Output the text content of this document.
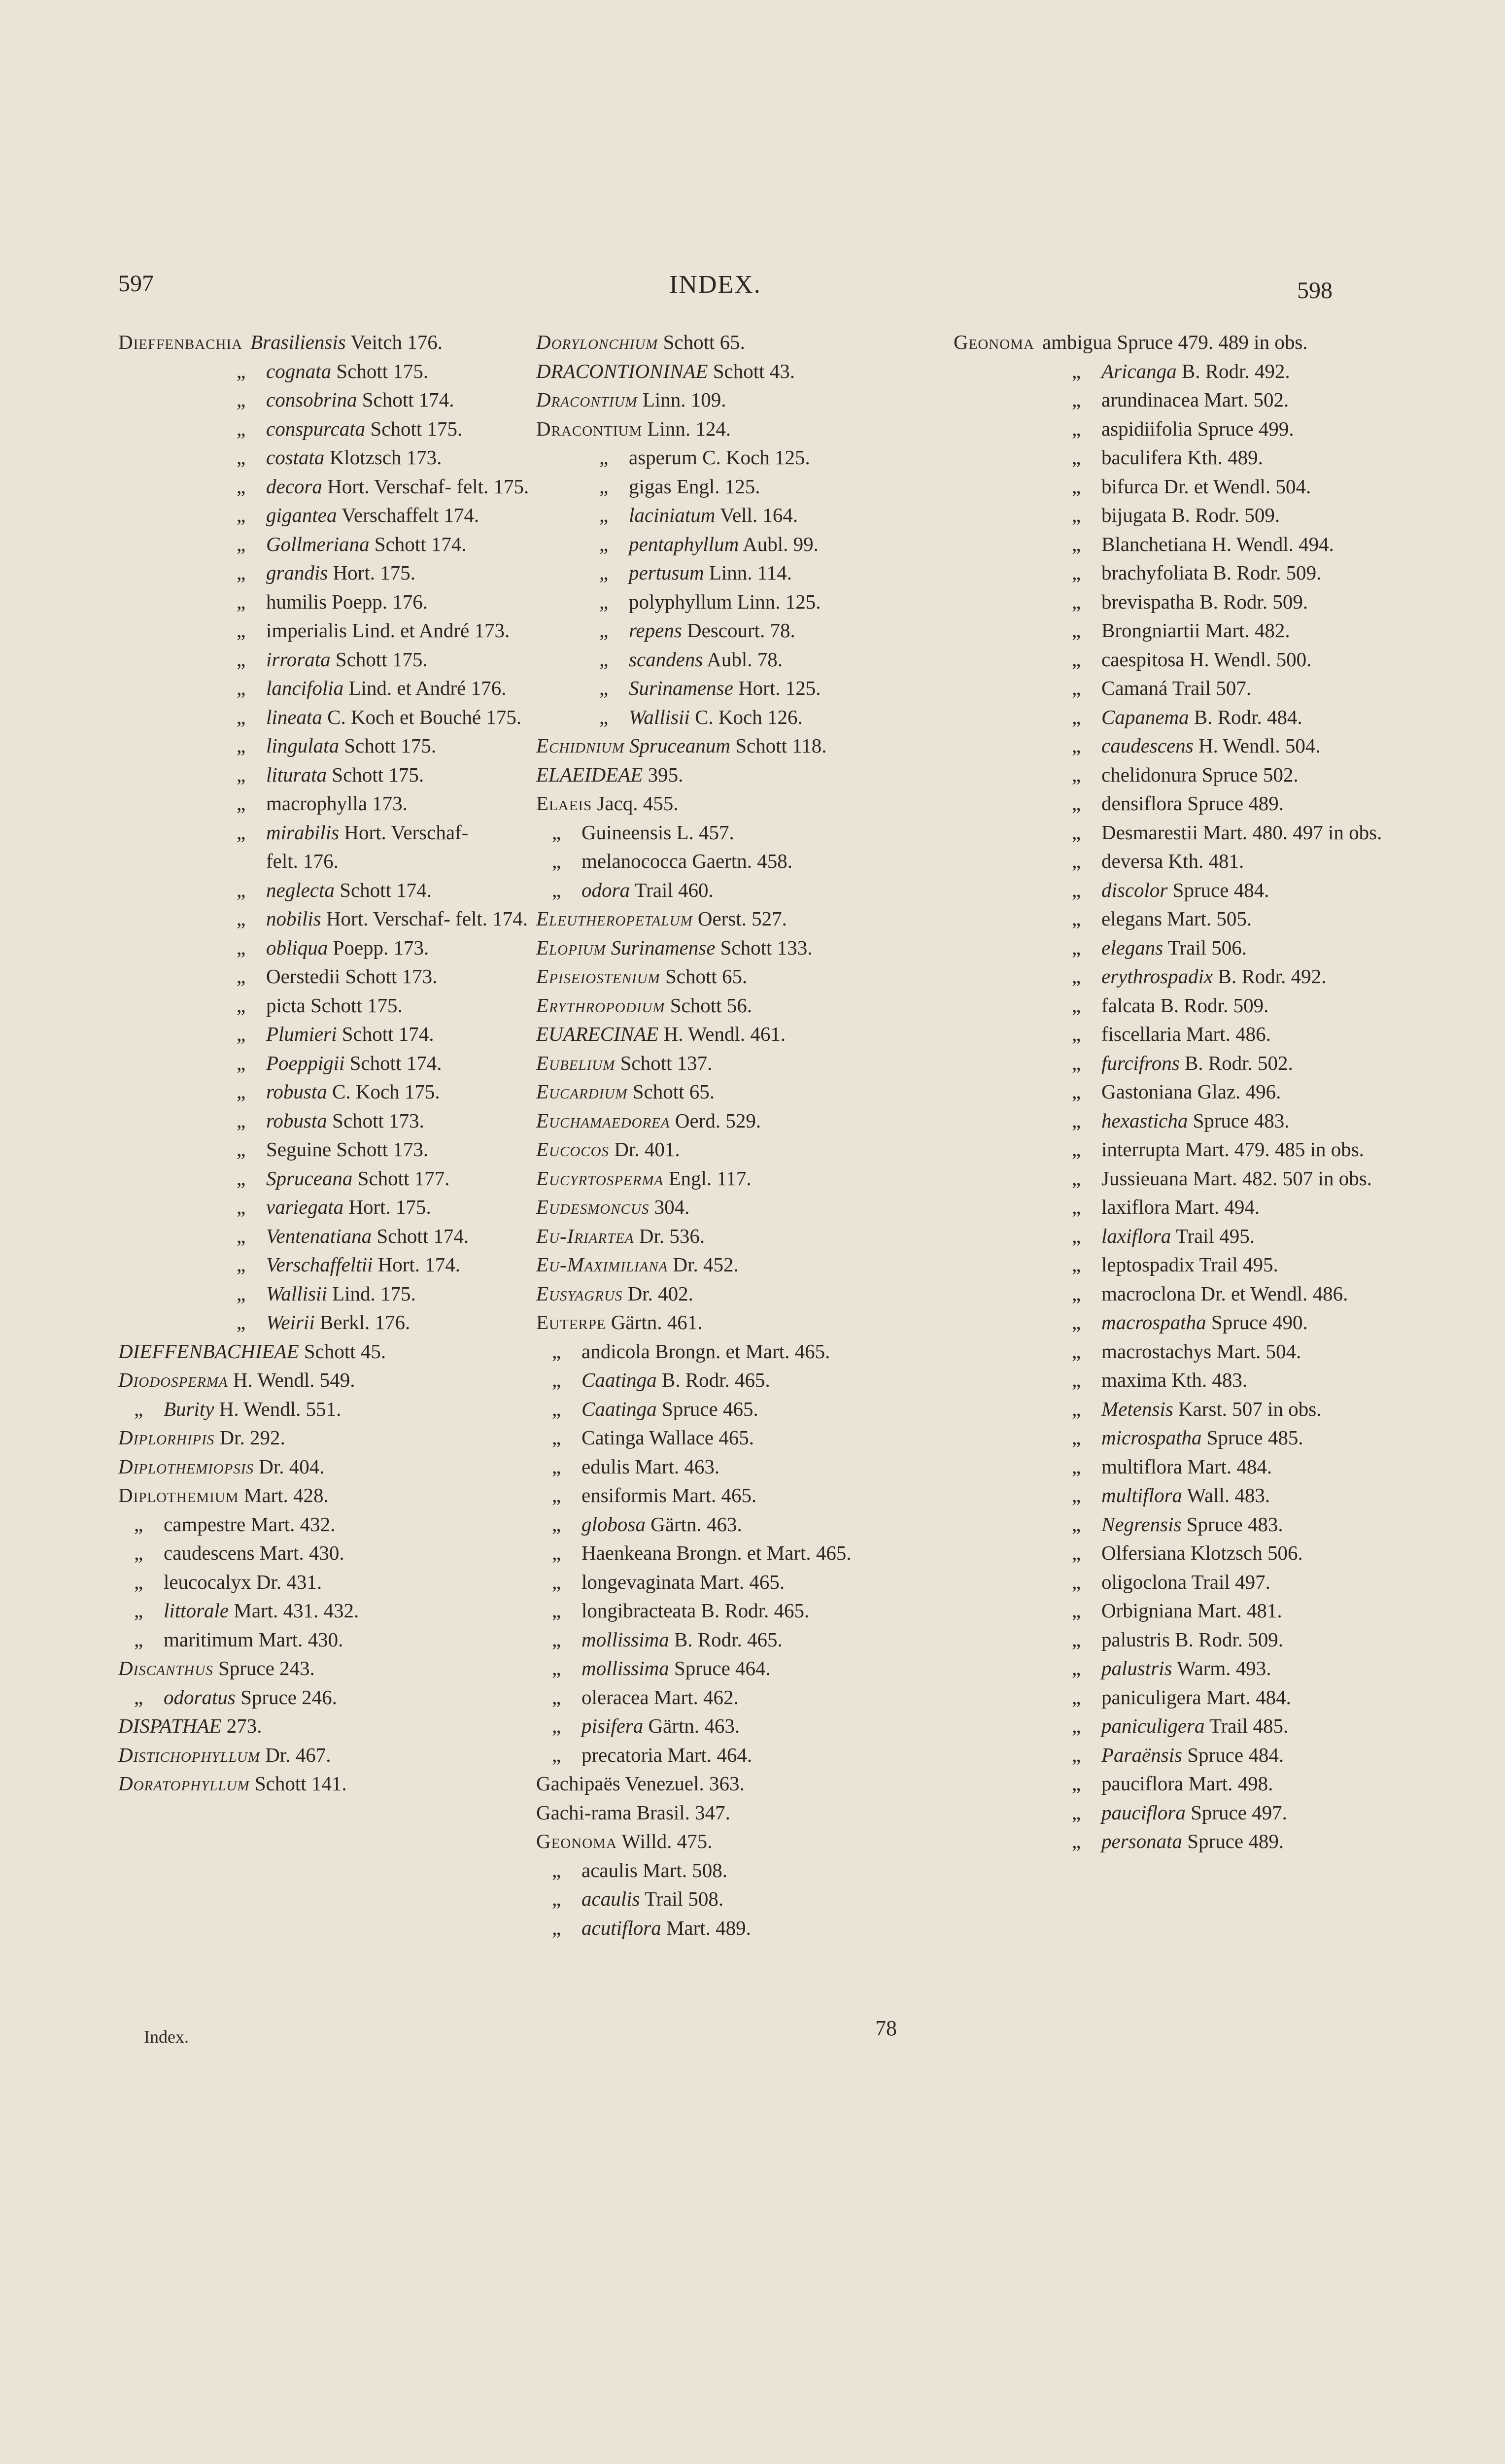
597	INDEX.	598
Dieffenbachia Brasiliensis Veitch 176.
„ cognata Schott 175.
„ consobrina Schott 174.
„ conspurcata Schott 175.
„ costata Klotzsch 173.
„ decora Hort. Verschaf- felt. 175.
„ gigantea Verschaffelt 174.
„ Gollmeriana Schott 174.
„ grandis Hort. 175.
„ humilis Poepp. 176.
„ imperialis Lind. et André 173.
„ irrorata Schott 175.
„ lancifolia Lind. et André 176.
„ lineata C. Koch et Bouché 175.
„ lingulata Schott 175.
„ liturata Schott 175.
„ macrophylla 173.
„ mirabilis Hort. Verschaf- felt. 176.
„ neglecta Schott 174.
„ nobilis Hort. Verschaf- felt. 174.
„ obliqua Poepp. 173.
„ Oerstedii Schott 173.
„ picta Schott 175.
„ Plumieri Schott 174.
„ Poeppigii Schott 174.
„ robusta C. Koch 175.
„ robusta Schott 173.
„ Seguine Schott 173.
„ Spruceana Schott 177.
„ variegata Hort. 175.
„ Ventenatiana Schott 174.
„ Verschaffeltii Hort. 174.
„ Wallisii Lind. 175.
„ Weirii Berkl. 176.
DIEFFENBACHIEAE Schott 45.
Diodosperma H. Wendl. 549.
„ Burity H. Wendl. 551.
Diplorhipis Dr. 292.
Diplothemiopsis Dr. 404.
Diplothemium Mart. 428.
„ campestre Mart. 432.
„ caudescens Mart. 430.
„ leucocalyx Dr. 431.
„ littorale Mart. 431. 432.
„ maritimum Mart. 430.
Discanthus Spruce 243.
„ odoratus Spruce 246.
DISPATHAE 273.
Distichophyllum Dr. 467.
Doratophyllum Schott 141.
Dorylonchium Schott 65.
DRACONTIONINAE Schott 43.
Dracontium Linn. 109.
Dracontium Linn. 124.
„ asperum C. Koch 125.
„ gigas Engl. 125.
„ laciniatum Vell. 164.
„ pentaphyllum Aubl. 99.
„ pertusum Linn. 114.
„ polyphyllum Linn. 125.
„ repens Descourt. 78.
„ scandens Aubl. 78.
„ Surinamense Hort. 125.
„ Wallisii C. Koch 126.
Echidnium Spruceanum Schott 118.
ELAEIDEAE 395.
Elaeis Jacq. 455.
„ Guineensis L. 457.
„ melanococca Gaertn. 458.
„ odora Trail 460.
Eleutheropetalum Oerst. 527.
Elopium Surinamense Schott 133.
Episeiostenium Schott 65.
Erythropodium Schott 56.
EUARECINAE H. Wendl. 461.
Eubelium Schott 137.
Eucardium Schott 65.
Euchamaedorea Oerd. 529.
Eucocos Dr. 401.
Eucyrtosperma Engl. 117.
Eudesmoncus 304.
Eu-Iriartea Dr. 536.
Eu-Maximiliana Dr. 452.
Eusyagrus Dr. 402.
Euterpe Gärtn. 461.
„ andicola Brongn. et Mart. 465.
„ Caatinga B. Rodr. 465.
„ Caatinga Spruce 465.
„ Catinga Wallace 465.
„ edulis Mart. 463.
„ ensiformis Mart. 465.
„ globosa Gärtn. 463.
„ Haenkeana Brongn. et Mart. 465.
„ longevaginata Mart. 465.
„ longibracteata B. Rodr. 465.
„ mollissima B. Rodr. 465.
„ mollissima Spruce 464.
„ oleracea Mart. 462.
„ pisifera Gärtn. 463.
„ precatoria Mart. 464.
Gachipaës Venezuel. 363.
Gachi-rama Brasil. 347.
Geonoma Willd. 475.
„ acaulis Mart. 508.
„ acaulis Trail 508.
„ acutiflora Mart. 489.
Geonoma ambigua Spruce 479. 489 in obs.
„ Aricanga B. Rodr. 492.
„ arundinacea Mart. 502.
„ aspidiifolia Spruce 499.
„ baculifera Kth. 489.
„ bifurca Dr. et Wendl. 504.
„ bijugata B. Rodr. 509.
„ Blanchetiana H. Wendl. 494.
„ brachyfoliata B. Rodr. 509.
„ brevispatha B. Rodr. 509.
„ Brongniartii Mart. 482.
„ caespitosa H. Wendl. 500.
„ Camaná Trail 507.
„ Capanema B. Rodr. 484.
„ caudescens H. Wendl. 504.
„ chelidonura Spruce 502.
„ densiflora Spruce 489.
„ Desmarestii Mart. 480. 497 in obs.
„ deversa Kth. 481.
„ discolor Spruce 484.
„ elegans Mart. 505.
„ elegans Trail 506.
„ erythrospadix B. Rodr. 492.
„ falcata B. Rodr. 509.
„ fiscellaria Mart. 486.
„ furcifrons B. Rodr. 502.
„ Gastoniana Glaz. 496.
„ hexasticha Spruce 483.
„ interrupta Mart. 479. 485 in obs.
„ Jussieuana Mart. 482. 507 in obs.
„ laxiflora Mart. 494.
„ laxiflora Trail 495.
„ leptospadix Trail 495.
„ macroclona Dr. et Wendl. 486.
„ macrospatha Spruce 490.
„ macrostachys Mart. 504.
„ maxima Kth. 483.
„ Metensis Karst. 507 in obs.
„ microspatha Spruce 485.
„ multiflora Mart. 484.
„ multiflora Wall. 483.
„ Negrensis Spruce 483.
„ Olfersiana Klotzsch 506.
„ oligoclona Trail 497.
„ Orbigniana Mart. 481.
„ palustris B. Rodr. 509.
„ palustris Warm. 493.
„ paniculigera Mart. 484.
„ paniculigera Trail 485.
„ Paraënsis Spruce 484.
„ pauciflora Mart. 498.
„ pauciflora Spruce 497.
„ personata Spruce 489.
Index.	78
